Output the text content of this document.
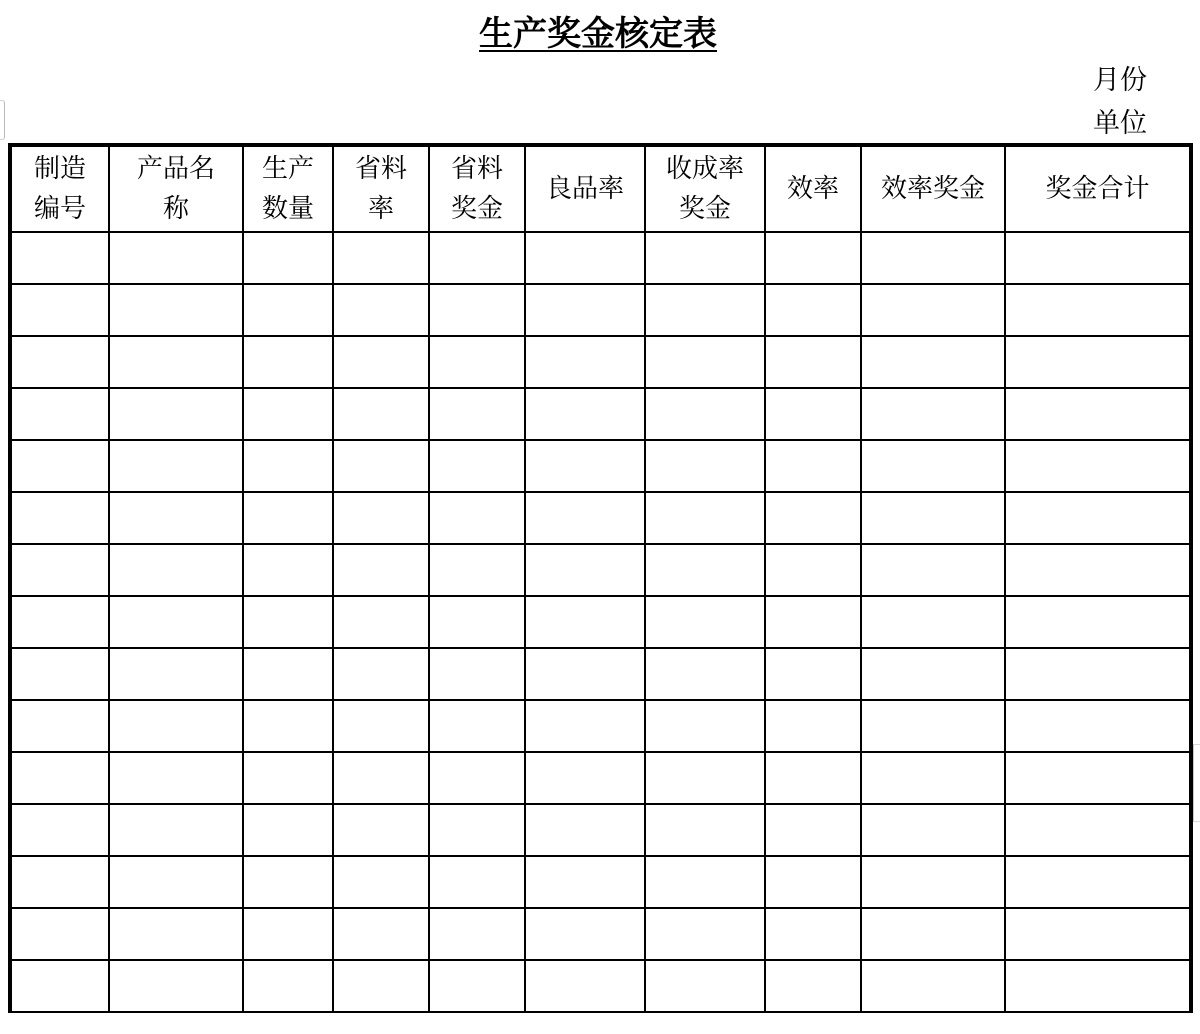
生产奖金核定表
月份
单位
制造编号	产品名称	生产数量	省料率	省料奖金	良品率	收成率奖金	效率	效率奖金	奖金合计
